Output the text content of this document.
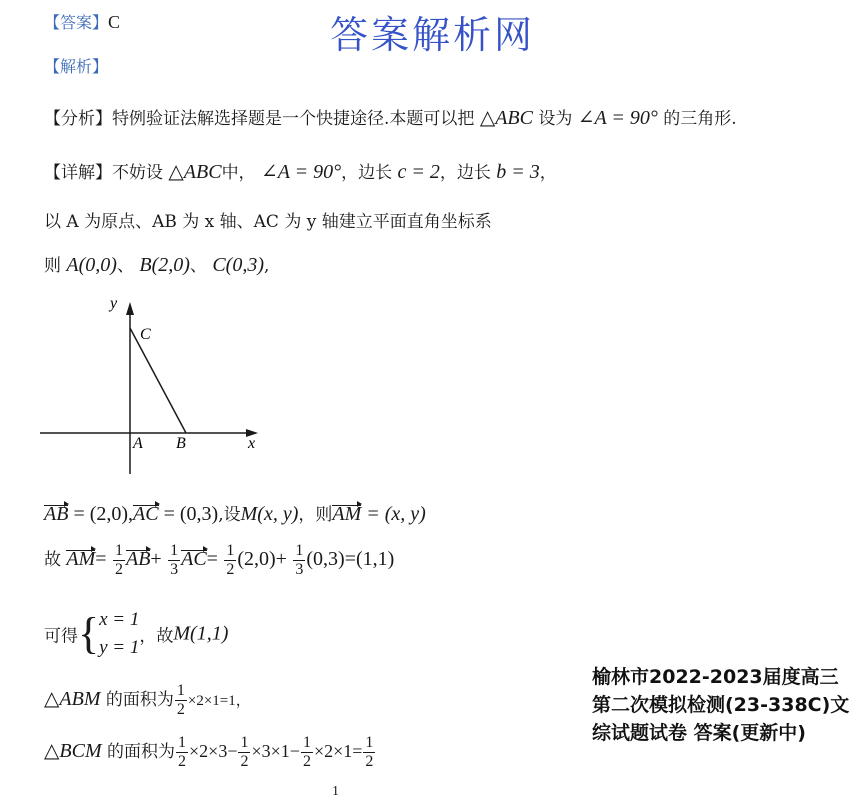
【答案】C	答案解析网
【解析】
【分析】特例验证法解选择题是一个快捷途径.本题可以把 △ABC 设为 ∠A = 90° 的三角形.
【详解】不妨设 △ABC中， ∠A = 90°，边长 c = 2，边长 b = 3，
以 A 为原点、AB 为 x 轴、AC 为 y 轴建立平面直角坐标系
则 A(0,0)、 B(2,0)、 C(0,3),
y
x
A B
C
AB = (2,0),AC = (0,3),设M(x, y)，则AM = (x, y)
故 $AM= \frac{1}{2} AB+ \frac{1}{3} AC= \frac{1}{2} (2,0)+ \frac{1}{3} (0,3)=(1,1)$
可得{ x = 1
y = 1
，故M(1,1)
△ABM 的面积为 $\frac{1}{2} \times 2\times 1=1$，
△BCM 的面积为 $\frac{1}{2} \times 2\times 3- \frac{1}{2} \times 3\times 1- \frac{1}{2} \times 2\times 1= \frac{1}{2}$
1
榆林市2022-2023届度高三第二次模拟检测(23-338C)文综试题试卷 答案(更新中)
